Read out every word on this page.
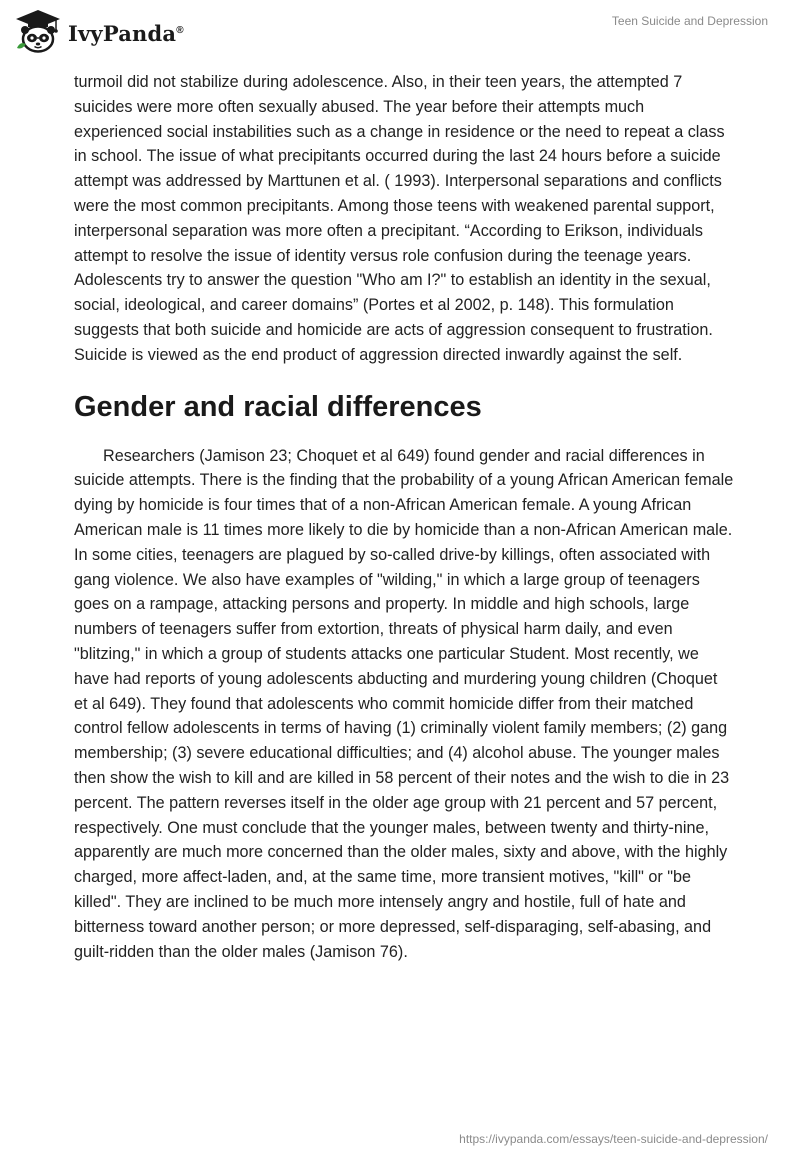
IvyPanda®
Teen Suicide and Depression

turmoil did not stabilize during adolescence. Also, in their teen years, the attempted 7 suicides were more often sexually abused. The year before their attempts much experienced social instabilities such as a change in residence or the need to repeat a class in school. The issue of what precipitants occurred during the last 24 hours before a suicide attempt was addressed by Marttunen et al. ( 1993). Interpersonal separations and conflicts were the most common precipitants. Among those teens with weakened parental support, interpersonal separation was more often a precipitant. “According to Erikson, individuals attempt to resolve the issue of identity versus role confusion during the teenage years. Adolescents try to answer the question "Who am I?" to establish an identity in the sexual, social, ideological, and career domains” (Portes et al 2002, p. 148). This formulation suggests that both suicide and homicide are acts of aggression consequent to frustration. Suicide is viewed as the end product of aggression directed inwardly against the self.

Gender and racial differences

Researchers (Jamison 23; Choquet et al 649) found gender and racial differences in suicide attempts. There is the finding that the probability of a young African American female dying by homicide is four times that of a non-African American female. A young African American male is 11 times more likely to die by homicide than a non-African American male. In some cities, teenagers are plagued by so-called drive-by killings, often associated with gang violence. We also have examples of "wilding," in which a large group of teenagers goes on a rampage, attacking persons and property. In middle and high schools, large numbers of teenagers suffer from extortion, threats of physical harm daily, and even "blitzing," in which a group of students attacks one particular Student. Most recently, we have had reports of young adolescents abducting and murdering young children (Choquet et al 649). They found that adolescents who commit homicide differ from their matched control fellow adolescents in terms of having (1) criminally violent family members; (2) gang membership; (3) severe educational difficulties; and (4) alcohol abuse. The younger males then show the wish to kill and are killed in 58 percent of their notes and the wish to die in 23 percent. The pattern reverses itself in the older age group with 21 percent and 57 percent, respectively. One must conclude that the younger males, between twenty and thirty-nine, apparently are much more concerned than the older males, sixty and above, with the highly charged, more affect-laden, and, at the same time, more transient motives, "kill" or "be killed". They are inclined to be much more intensely angry and hostile, full of hate and bitterness toward another person; or more depressed, self-disparaging, self-abasing, and guilt-ridden than the older males (Jamison 76).

https://ivypanda.com/essays/teen-suicide-and-depression/
